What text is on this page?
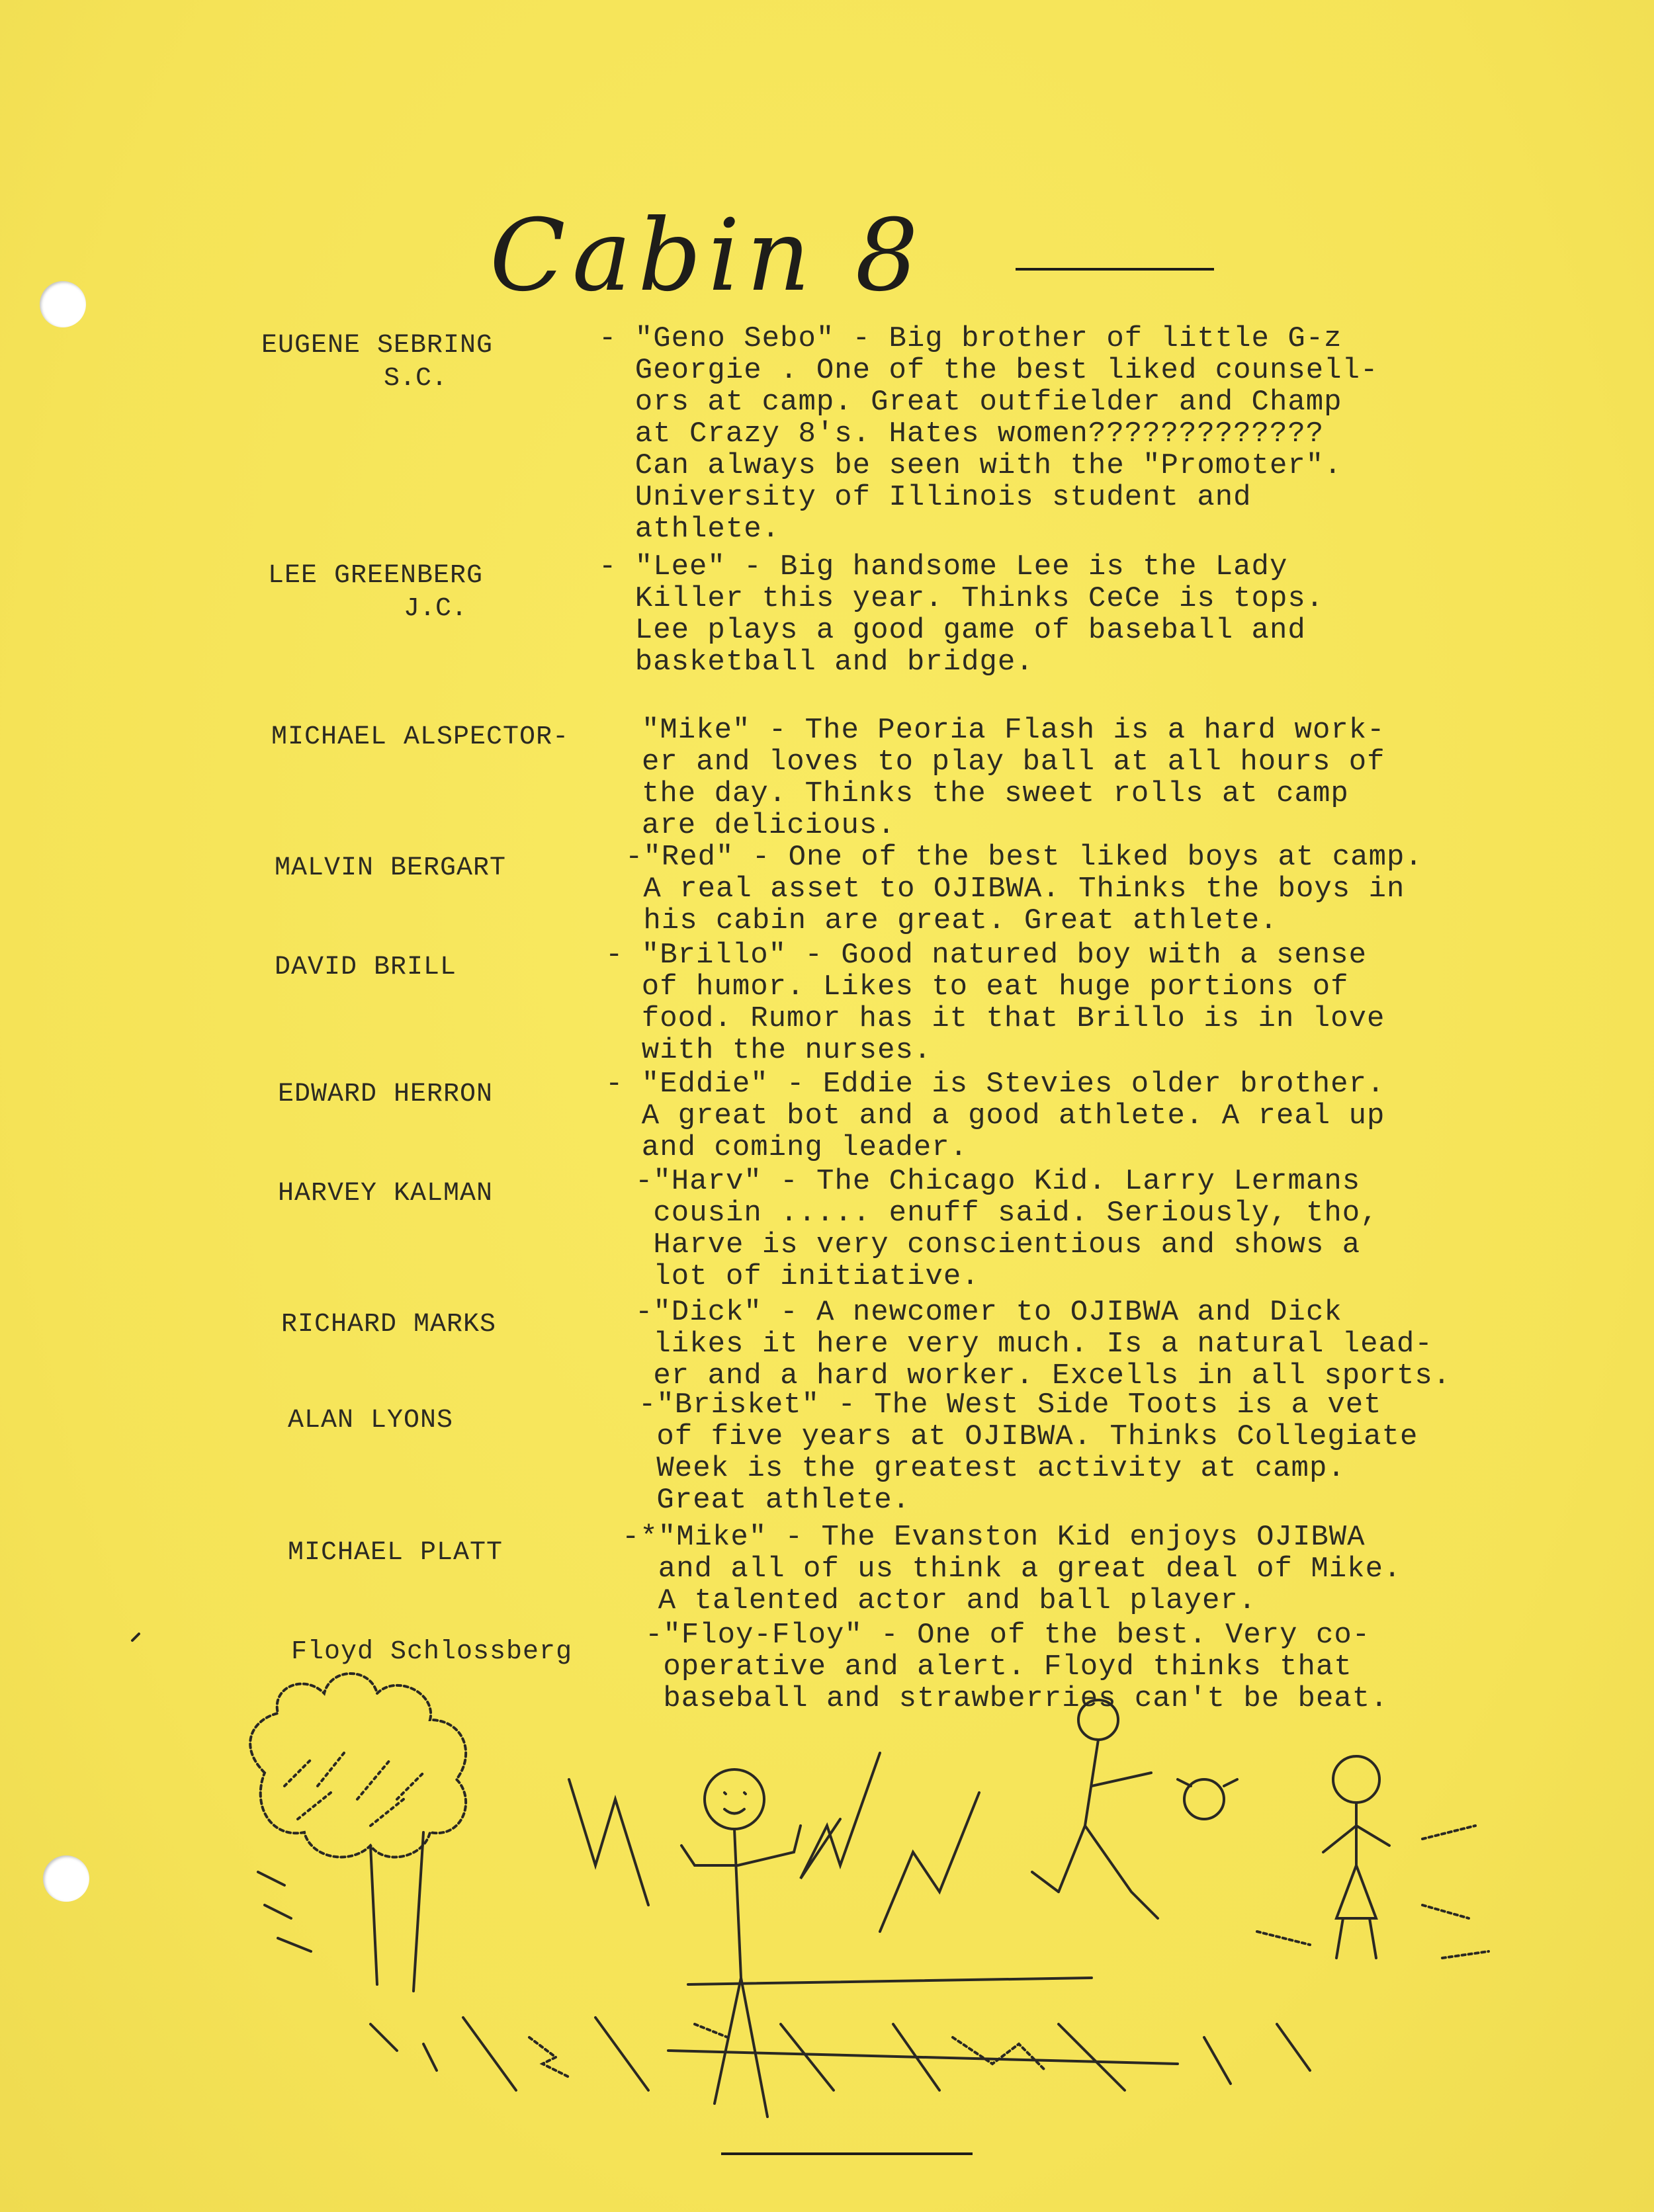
Cabin 8
EUGENE SEBRING
S.C.
- "Geno Sebo" - Big brother of little G-z
Georgie . One of the best liked counsell-
ors at camp. Great outfielder and Champ
at Crazy 8's. Hates women?????????????
Can always be seen with the "Promoter".
University of Illinois student and
athlete.
LEE GREENBERG
J.C.
- "Lee" - Big handsome Lee is the Lady
Killer this year. Thinks CeCe is tops.
Lee plays a good game of baseball and
basketball and bridge.
MICHAEL ALSPECTOR- "Mike" - The Peoria Flash is a hard work-
er and loves to play ball at all hours of
the day. Thinks the sweet rolls at camp
are delicious.
MALVIN BERGART	-"Red" - One of the best liked boys at camp.
A real asset to OJIBWA. Thinks the boys in
his cabin are great. Great athlete.
DAVID BRILL	- "Brillo" - Good natured boy with a sense
of humor. Likes to eat huge portions of
food. Rumor has it that Brillo is in love
with the nurses.
EDWARD HERRON	- "Eddie" - Eddie is Stevies older brother.
A great bot and a good athlete. A real up
and coming leader.
HARVEY KALMAN	-"Harv" - The Chicago Kid. Larry Lermans
cousin ..... enuff said. Seriously, tho,
Harve is very conscientious and shows a
lot of initiative.
RICHARD MARKS	-"Dick" - A newcomer to OJIBWA and Dick
likes it here very much. Is a natural lead-
er and a hard worker. Excells in all sports.
ALAN LYONS	-"Brisket" - The West Side Toots is a vet
of five years at OJIBWA. Thinks Collegiate
Week is the greatest activity at camp.
Great athlete.
MICHAEL PLATT	-*"Mike" - The Evanston Kid enjoys OJIBWA
and all of us think a great deal of Mike.
A talented actor and ball player.
Floyd Schlossberg
-"Floy-Floy" - One of the best. Very co-
operative and alert. Floyd thinks that
baseball and strawberries can't be beat.
